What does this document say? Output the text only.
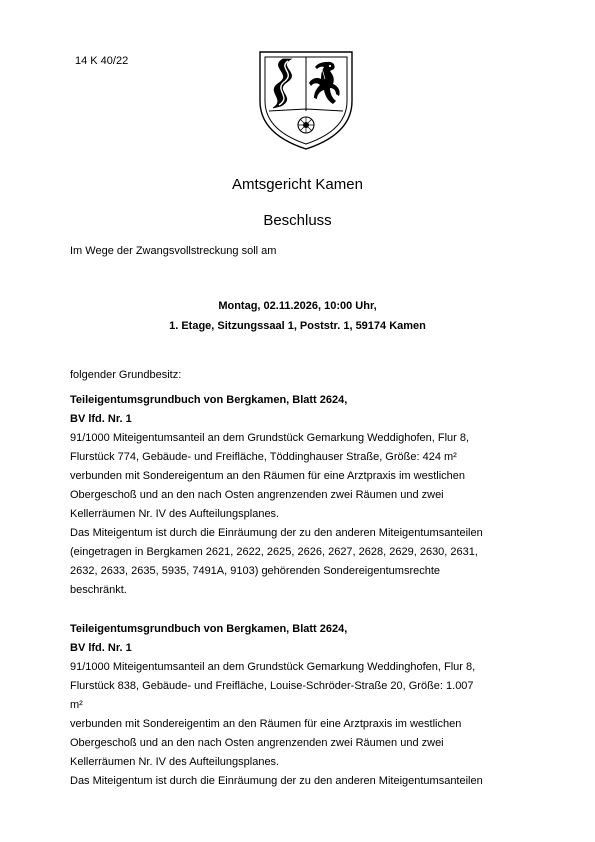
14 K 40/22
Amtsgericht Kamen
Beschluss
Im Wege der Zwangsvollstreckung soll am
Montag, 02.11.2026, 10:00 Uhr,
1. Etage, Sitzungssaal 1, Poststr. 1, 59174 Kamen
folgender Grundbesitz:
Teileigentumsgrundbuch von Bergkamen, Blatt 2624,
BV lfd. Nr. 1
91/1000 Miteigentumsanteil an dem Grundstück Gemarkung Weddighofen, Flur 8,
Flurstück 774, Gebäude- und Freifläche, Töddinghauser Straße, Größe: 424 m²
verbunden mit Sondereigentum an den Räumen für eine Arztpraxis im westlichen
Obergeschoß und an den nach Osten angrenzenden zwei Räumen und zwei
Kellerräumen Nr. IV des Aufteilungsplanes.
Das Miteigentum ist durch die Einräumung der zu den anderen Miteigentumsanteilen
(eingetragen in Bergkamen 2621, 2622, 2625, 2626, 2627, 2628, 2629, 2630, 2631,
2632, 2633, 2635, 5935, 7491A, 9103) gehörenden Sondereigentumsrechte
beschränkt.
Teileigentumsgrundbuch von Bergkamen, Blatt 2624,
BV lfd. Nr. 1
91/1000 Miteigentumsanteil an dem Grundstück Gemarkung Weddinghofen, Flur 8,
Flurstück 838, Gebäude- und Freifläche, Louise-Schröder-Straße 20, Größe: 1.007
m²
verbunden mit Sondereigentim an den Räumen für eine Arztpraxis im westlichen
Obergeschoß und an den nach Osten angrenzenden zwei Räumen und zwei
Kellerräumen Nr. IV des Aufteilungsplanes.
Das Miteigentum ist durch die Einräumung der zu den anderen Miteigentumsanteilen
